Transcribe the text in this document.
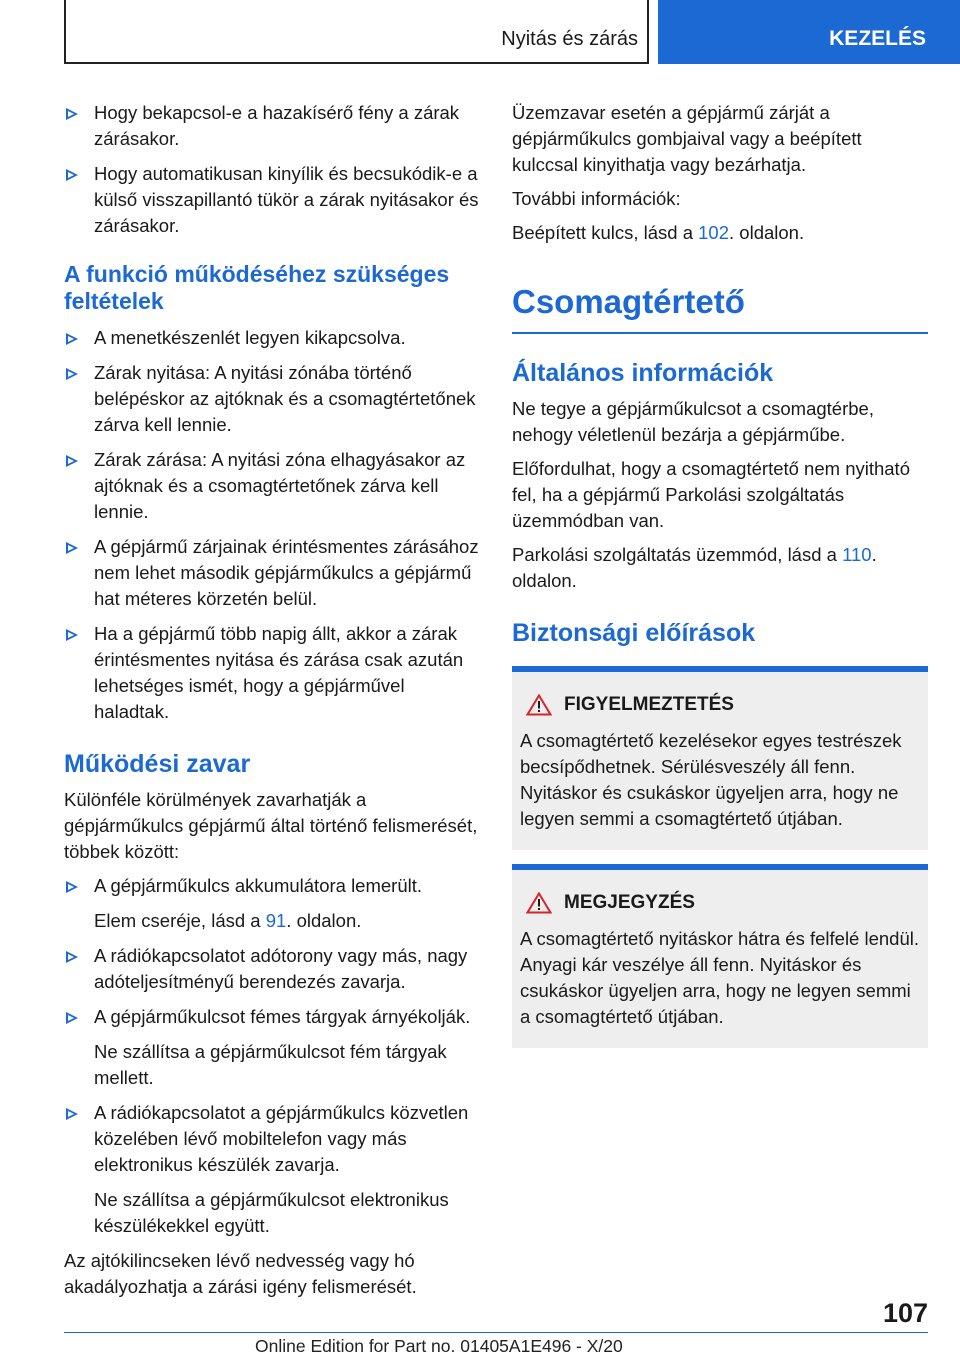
Nyitás és zárás	KEZELÉS
Hogy bekapcsol-e a hazakísérő fény a zárak zárásakor.
Hogy automatikusan kinyílik és becsukódik-e a külső visszapillantó tükör a zárak nyitásakor és zárásakor.
A funkció működéséhez szükséges feltételek
A menetkészenlét legyen kikapcsolva.
Zárak nyitása: A nyitási zónába történő belépéskor az ajtóknak és a csomagtértetőnek zárva kell lennie.
Zárak zárása: A nyitási zóna elhagyásakor az ajtóknak és a csomagtértetőnek zárva kell lennie.
A gépjármű zárjainak érintésmentes zárásához nem lehet második gépjárműkulcs a gépjármű hat méteres körzetén belül.
Ha a gépjármű több napig állt, akkor a zárak érintésmentes nyitása és zárása csak azután lehetséges ismét, hogy a gépjárművel haladtak.
Működési zavar
Különféle körülmények zavarhatják a gépjárműkulcs gépjármű által történő felismerését, többek között:
A gépjárműkulcs akkumulátora lemerült.
Elem cseréje, lásd a 91. oldalon.
A rádiókapcsolatot adótorony vagy más, nagy adóteljesítményű berendezés zavarja.
A gépjárműkulcsot fémes tárgyak árnyékolják.
Ne szállítsa a gépjárműkulcsot fém tárgyak mellett.
A rádiókapcsolatot a gépjárműkulcs közvetlen közelében lévő mobiltelefon vagy más elektronikus készülék zavarja.
Ne szállítsa a gépjárműkulcsot elektronikus készülékekkel együtt.
Az ajtókilincseken lévő nedvesség vagy hó akadályozhatja a zárási igény felismerését.
Üzemzavar esetén a gépjármű zárját a gépjárműkulcs gombjaival vagy a beépített kulccsal kinyithatja vagy bezárhatja.
További információk:
Beépített kulcs, lásd a 102. oldalon.
Csomagtértető
Általános információk
Ne tegye a gépjárműkulcsot a csomagtérbe, nehogy véletlenül bezárja a gépjárműbe.
Előfordulhat, hogy a csomagtértető nem nyitható fel, ha a gépjármű Parkolási szolgáltatás üzemmódban van.
Parkolási szolgáltatás üzemmód, lásd a 110. oldalon.
Biztonsági előírások
FIGYELMEZTETÉS
A csomagtértető kezelésekor egyes testrészek becsípődhetnek. Sérülésveszély áll fenn. Nyitáskor és csukáskor ügyeljen arra, hogy ne legyen semmi a csomagtértető útjában.
MEGJEGYZÉS
A csomagtértető nyitáskor hátra és felfelé lendül. Anyagi kár veszélye áll fenn. Nyitáskor és csukáskor ügyeljen arra, hogy ne legyen semmi a csomagtértető útjában.
107
Online Edition for Part no. 01405A1E496 - X/20
